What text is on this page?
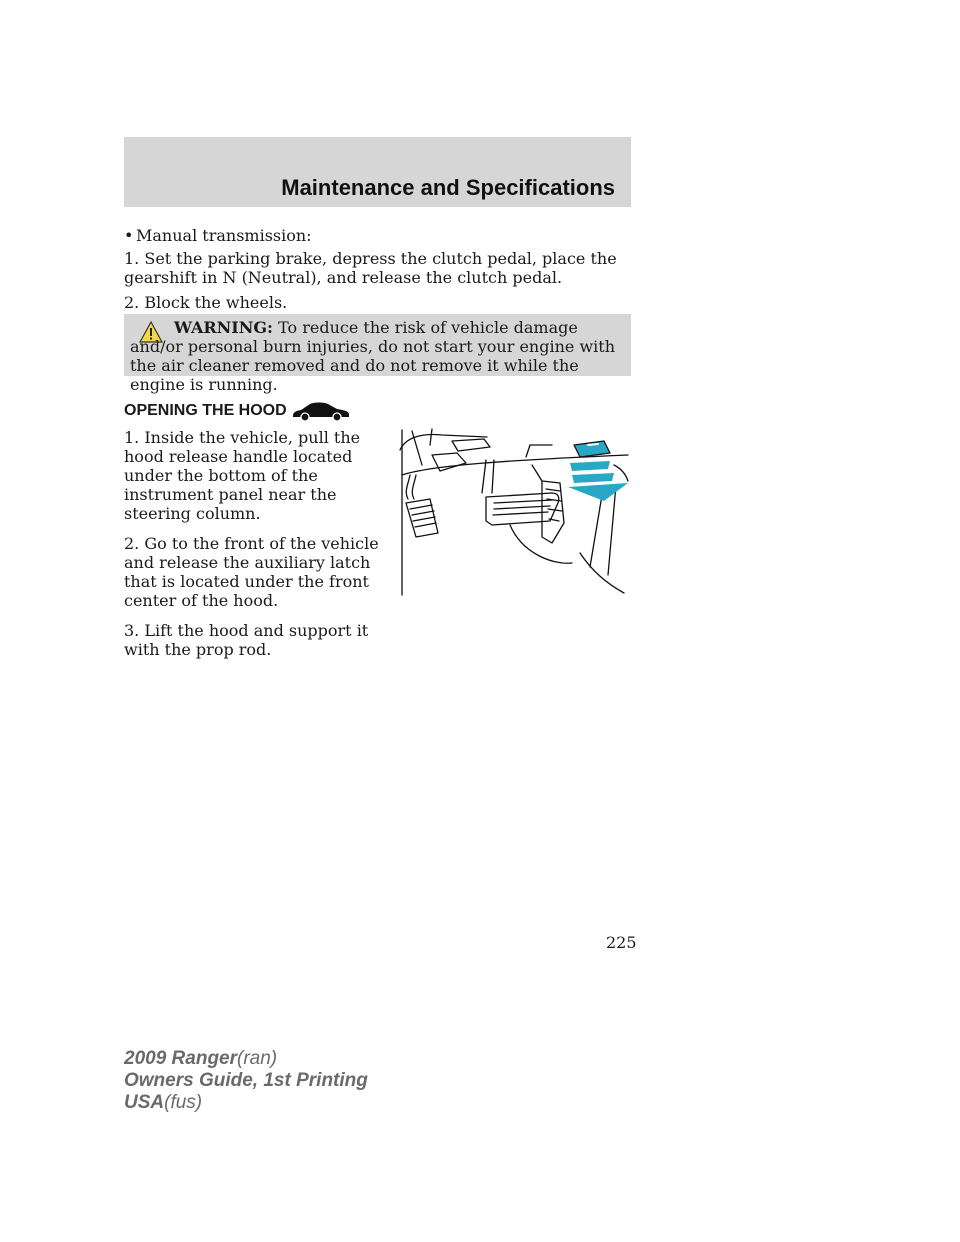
Maintenance and Specifications
• Manual transmission:
1. Set the parking brake, depress the clutch pedal, place the gearshift in N (Neutral), and release the clutch pedal.
2. Block the wheels.
WARNING: To reduce the risk of vehicle damage and/or personal burn injuries, do not start your engine with the air cleaner removed and do not remove it while the engine is running.
OPENING THE HOOD

1. Inside the vehicle, pull the hood release handle located under the bottom of the instrument panel near the steering column.

2. Go to the front of the vehicle and release the auxiliary latch that is located under the front center of the hood.

3. Lift the hood and support it with the prop rod.

225
2009 Ranger(ran)
Owners Guide, 1st Printing
USA(fus)
